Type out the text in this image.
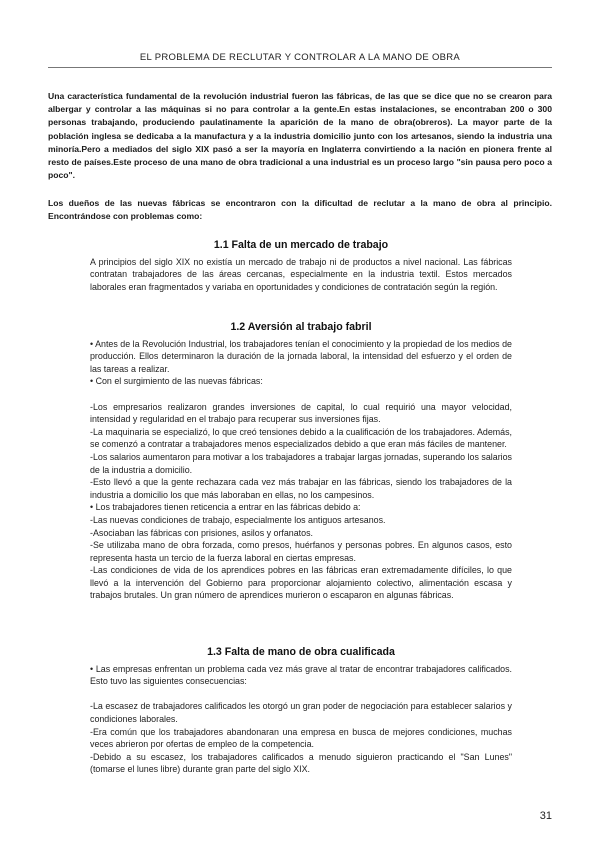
EL PROBLEMA DE RECLUTAR Y CONTROLAR A LA MANO DE OBRA

Una característica fundamental de la revolución industrial fueron las fábricas, de las que se dice que no se crearon para albergar y controlar a las máquinas si no para controlar a la gente.En estas instalaciones, se encontraban 200 o 300 personas trabajando, produciendo paulatinamente la aparición de la mano de obra(obreros). La mayor parte de la población inglesa se dedicaba a la manufactura y a la industria domicilio junto con los artesanos, siendo la industria una minoría.Pero a mediados del siglo XIX pasó a ser la mayoría en Inglaterra convirtiendo a la nación en pionera frente al resto de países.Este proceso de una mano de obra tradicional a una industrial es un proceso largo "sin pausa pero poco a poco".

Los dueños de las nuevas fábricas se encontraron con la dificultad de reclutar a la mano de obra al principio. Encontrándose con problemas como:

1.1 Falta de un mercado de trabajo

A principios del siglo XIX no existía un mercado de trabajo ni de productos a nivel nacional. Las fábricas contratan trabajadores de las áreas cercanas, especialmente en la industria textil. Estos mercados laborales eran fragmentados y variaba en oportunidades y condiciones de contratación según la región.

1.2 Aversión al trabajo fabril

• Antes de la Revolución Industrial, los trabajadores tenían el conocimiento y la propiedad de los medios de producción. Ellos determinaron la duración de la jornada laboral, la intensidad del esfuerzo y el orden de las tareas a realizar.

• Con el surgimiento de las nuevas fábricas:

-Los empresarios realizaron grandes inversiones de capital, lo cual requirió una mayor velocidad, intensidad y regularidad en el trabajo para recuperar sus inversiones fijas.

-La maquinaria se especializó, lo que creó tensiones debido a la cualificación de los trabajadores. Además, se comenzó a contratar a trabajadores menos especializados debido a que eran más fáciles de mantener.

-Los salarios aumentaron para motivar a los trabajadores a trabajar largas jornadas, superando los salarios de la industria a domicilio.

-Esto llevó a que la gente rechazara cada vez más trabajar en las fábricas, siendo los trabajadores de la industria a domicilio los que más laboraban en ellas, no los campesinos.

• Los trabajadores tienen reticencia a entrar en las fábricas debido a:

-Las nuevas condiciones de trabajo, especialmente los antiguos artesanos.

-Asociaban las fábricas con prisiones, asilos y orfanatos.

-Se utilizaba mano de obra forzada, como presos, huérfanos y personas pobres. En algunos casos, esto representa hasta un tercio de la fuerza laboral en ciertas empresas.

-Las condiciones de vida de los aprendices pobres en las fábricas eran extremadamente difíciles, lo que llevó a la intervención del Gobierno para proporcionar alojamiento colectivo, alimentación escasa y trabajos brutales. Un gran número de aprendices murieron o escaparon en algunas fábricas.

1.3 Falta de mano de obra cualificada

• Las empresas enfrentan un problema cada vez más grave al tratar de encontrar trabajadores calificados. Esto tuvo las siguientes consecuencias:

-La escasez de trabajadores calificados les otorgó un gran poder de negociación para establecer salarios y condiciones laborales.

-Era común que los trabajadores abandonaran una empresa en busca de mejores condiciones, muchas veces abrieron por ofertas de empleo de la competencia.

-Debido a su escasez, los trabajadores calificados a menudo siguieron practicando el "San Lunes" (tomarse el lunes libre) durante gran parte del siglo XIX.

31
